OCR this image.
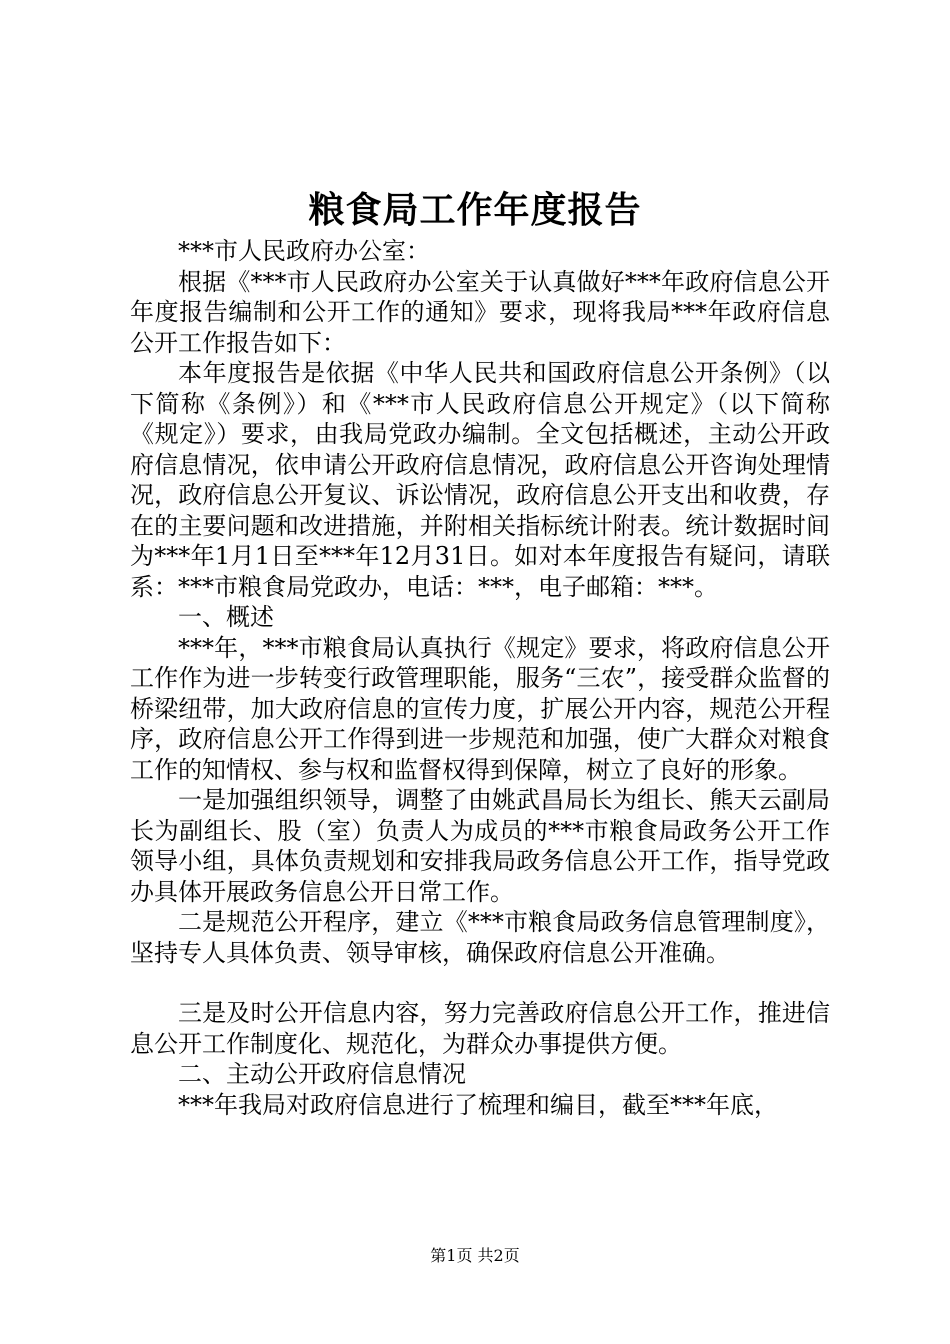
粮食局工作年度报告

***市人民政府办公室：

根据《***市人民政府办公室关于认真做好***年政府信息公开年度报告编制和公开工作的通知》要求，现将我局***年政府信息公开工作报告如下：

本年度报告是依据《中华人民共和国政府信息公开条例》（以下简称《条例》）和《***市人民政府信息公开规定》（以下简称《规定》）要求，由我局党政办编制。全文包括概述，主动公开政府信息情况，依申请公开政府信息情况，政府信息公开咨询处理情况，政府信息公开复议、诉讼情况，政府信息公开支出和收费，存在的主要问题和改进措施，并附相关指标统计附表。统计数据时间为***年1月1日至***年12月31日。如对本年度报告有疑问，请联系：***市粮食局党政办，电话：***，电子邮箱：***。

一、概述

***年，***市粮食局认真执行《规定》要求，将政府信息公开工作作为进一步转变行政管理职能，服务“三农”，接受群众监督的桥梁纽带，加大政府信息的宣传力度，扩展公开内容，规范公开程序，政府信息公开工作得到进一步规范和加强，使广大群众对粮食工作的知情权、参与权和监督权得到保障，树立了良好的形象。

一是加强组织领导，调整了由姚武昌局长为组长、熊天云副局长为副组长、股（室）负责人为成员的***市粮食局政务公开工作领导小组，具体负责规划和安排我局政务信息公开工作，指导党政办具体开展政务信息公开日常工作。

二是规范公开程序，建立《***市粮食局政务信息管理制度》，坚持专人具体负责、领导审核，确保政府信息公开准确。

三是及时公开信息内容，努力完善政府信息公开工作，推进信息公开工作制度化、规范化，为群众办事提供方便。

二、主动公开政府信息情况

***年我局对政府信息进行了梳理和编目，截至***年底，

第1页 共2页
